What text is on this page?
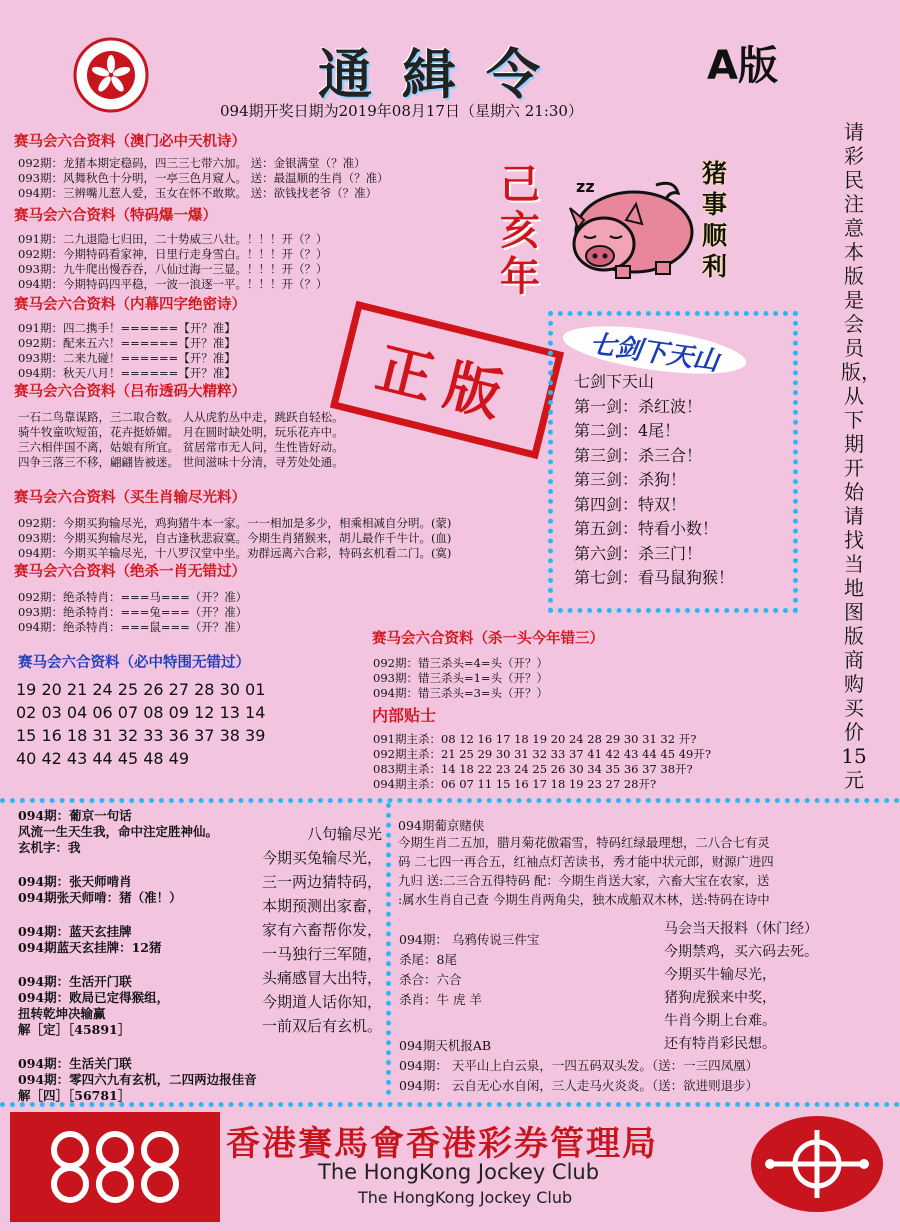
通緝令	A版
094期开奖日期为2019年08月17日（星期六 21:30）
请彩民注意本版是会员版，从下期开始请找当地图版商购买价15元
己亥年
猪事顺利
zz
赛马会六合资料（澳门必中天机诗）
092期：龙猪本期定稳码，四三三七带六加。 送：金银满堂（？准）
093期：风舞秋色十分明，一亭三色月窥人。 送：最温顺的生肖（？准）
094期：三辨嘴儿惹人爱，玉女在怀不敢欺。 送：欲钱找老爷（？准）
赛马会六合资料（特码爆一爆）
091期：二九退隐七归田，二十势威三八壮。！！！开（？）
092期：今期特码看家神，日里行走身雪白。！！！开（？）
093期：九牛爬出慢吞吞，八仙过海一三显。！！！开（？）
094期：今期特码四平稳，一波一浪逐一平。！！！开（？）
赛马会六合资料（内幕四字绝密诗）
091期：四二携手！======【开？准】
092期：配来五六！======【开？准】
093期：二来九碰！======【开？准】
094期：秋天八月！======【开？准】 正版
赛马会六合资料（吕布透码大精粹）
一石二鸟靠谋路，三二取合数。 人从虎豹丛中走，跳跃自轻松。
骑牛牧童吹短笛，花卉挺娇媚。 月在圆时缺处明，玩乐花卉中。
三六相伴国不离，姑娘有所宜。 贫居常市无人问，生性皆好动。
四争三落三不移，翩翩皆被迷。 世间滋味十分清，寻芳处处通。
赛马会六合资料（买生肖输尽光料）
092期：今期买狗输尽光，鸡狗猪牛本一家。一一相加是多少，相乘相减自分明。(蒙)
093期：今期买狗输尽光，自古逢秋悲寂寞。今期生肖猪猴来，胡儿最作千牛计。(血)
094期：今期买羊输尽光，十八罗汉堂中坐。劝群远离六合彩，特码玄机看二门。(寞)
赛马会六合资料（绝杀一肖无错过）
092期：绝杀特肖：===马===（开？准）
093期：绝杀特肖：===兔===（开？准）
094期：绝杀特肖：===鼠===（开？准）
赛马会六合资料（必中特围无错过）
19 20 21 24 25 26 27 28 30 01
02 03 04 06 07 08 09 12 13 14
15 16 18 31 32 33 36 37 38 39
40 42 43 44 45 48 49
七剑下天山
七剑下天山
第一剑：杀红波！
第二剑：4尾！
第三剑：杀三合！
第三剑：杀狗！
第四剑：特双！
第五剑：特看小数！
第六剑：杀三门！
第七剑：看马鼠狗猴！
赛马会六合资料（杀一头今年错三）
092期：错三杀头=4=头（开？）
093期：错三杀头=1=头（开？）
094期：错三杀头=3=头（开？）
内部贴士
091期主杀：08 12 16 17 18 19 20 24 28 29 30 31 32 开?
092期主杀：21 25 29 30 31 32 33 37 41 42 43 44 45 49开?
083期主杀：14 18 22 23 24 25 26 30 34 35 36 37 38开?
094期主杀：06 07 11 15 16 17 18 19 23 27 28开?
094期：葡京一句话
风流一生天生我，命中注定胜神仙。
玄机字：我
094期：张天师啃肖
094期张天师啃：猪（准！）
094期：蓝天玄挂牌
094期蓝天玄挂牌：12猪
094期：生活开门联
094期：败局已定得猴组，
扭转乾坤决输赢
解［定］［45891］
094期：生活关门联
094期：零四六九有玄机，二四两边报佳音
解［四］［56781］
八句输尽光
今期买兔输尽光，
三一两边猜特码，
本期预测出家畜，
家有六畜帮你发，
一马独行三军随，
头痛感冒大出特，
今期道人话你知，
一前双后有玄机。
094期葡京赌侠
今期生肖二五加，腊月菊花傲霜雪，特码红绿最理想，二八合七有灵
码 二七四一再合五，红袖点灯苦读书，秀才能中状元郎，财源广进四
九归 送:二三合五得特码 配：今期生肖送大家，六畜大宝在农家，送
:属水生肖自己查 今期生肖两角尖，独木成船双木林，送:特码在诗中
094期： 乌鸦传说三件宝
杀尾：8尾
杀合：六合
杀肖：牛 虎 羊
马会当天报料（休门经）
今期禁鸡，买六码去死。
今期买牛输尽光，
猪狗虎猴来中奖，
牛肖今期上台难。
还有特肖彩民想。
094期天机报AB
094期： 天平山上白云泉，一四五码双头发。（送：一三四凤凰）
094期： 云自无心水自闲，三人走马火炎炎。（送：欲进则退步）
香港賽馬會香港彩券管理局
The HongKong Jockey Club
The HongKong Jockey Club
